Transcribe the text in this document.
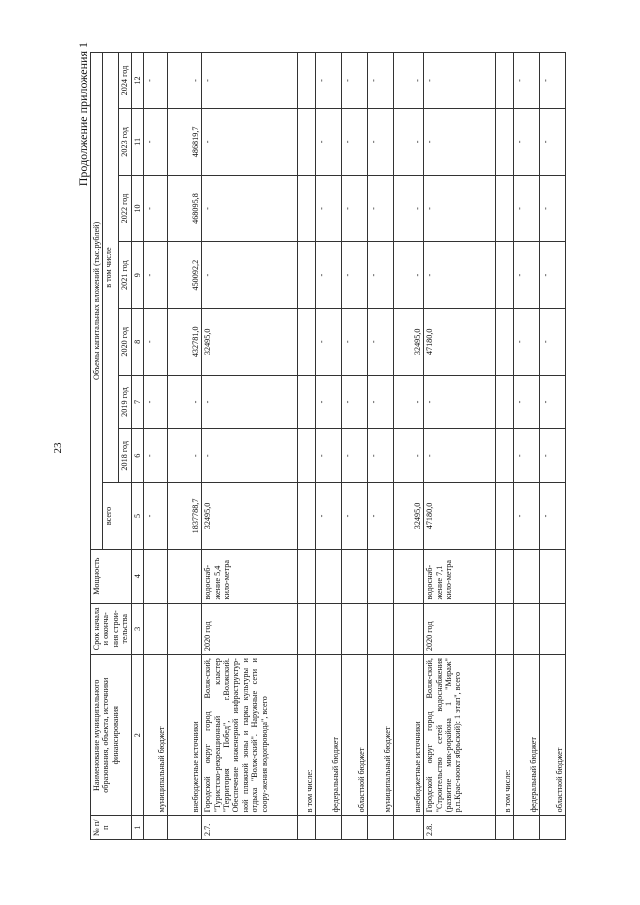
23
Продолжение приложения 1
№ п/п	Наименование муниципального образования, объекта, источники финансирования	Срок начала и оконча-ния строи-тельства	Мощность	Объемы капитальных вложений (тыс.рублей)							
				всего	в том числе						
					2018 год	2019 год	2020 год	2021 год	2022 год	2023 год	2024 год
1	2	3	4	5	6	7	8	9	10	11	12
	муниципальный бюджет			-	-	-	-	-	-	-	-
	внебюджетные источники			1837788,7	-	-	432781,0	450092,2	468095,8	486819,7	-
2.7.	Городской округ город Волж-ский, "Туристско-рекреационный кластер "Территория Побед", г.Волжский. Обеспечение инженерной инфраструктур-ной пляжной зоны и парка культуры и отдыха "Волж-ский". Наружные сети и соору-жения водопровода", всего	2020 год	водоснаб-жение 5,4 кило-метра	32495,0	-	-	32495,0	-	-	-	-
	в том числе:										
	федеральный бюджет			-	-	-	-	-	-	-	-
	областной бюджет			-	-	-	-	-	-	-	-
	муниципальный бюджет			-	-	-	-	-	-	-	-
	внебюджетные источники			32495,0	-	-	32495,0	-	-	-	-
2.8.	Городской округ город Волж-ский, "Строительство сетей водоснабжения (развитие мик-рорайона 1 "Мираж" р.п.Крас-ноокт ябрьский): 1 этап", всего	2020 год	водоснаб-жение 7,1 кило-метра	47180,0	-	-	47180,0	-	-	-	-
	в том числе:										
	федеральный бюджет			-	-	-	-	-	-	-	-
	областной бюджет			-	-	-	-	-	-	-	-
